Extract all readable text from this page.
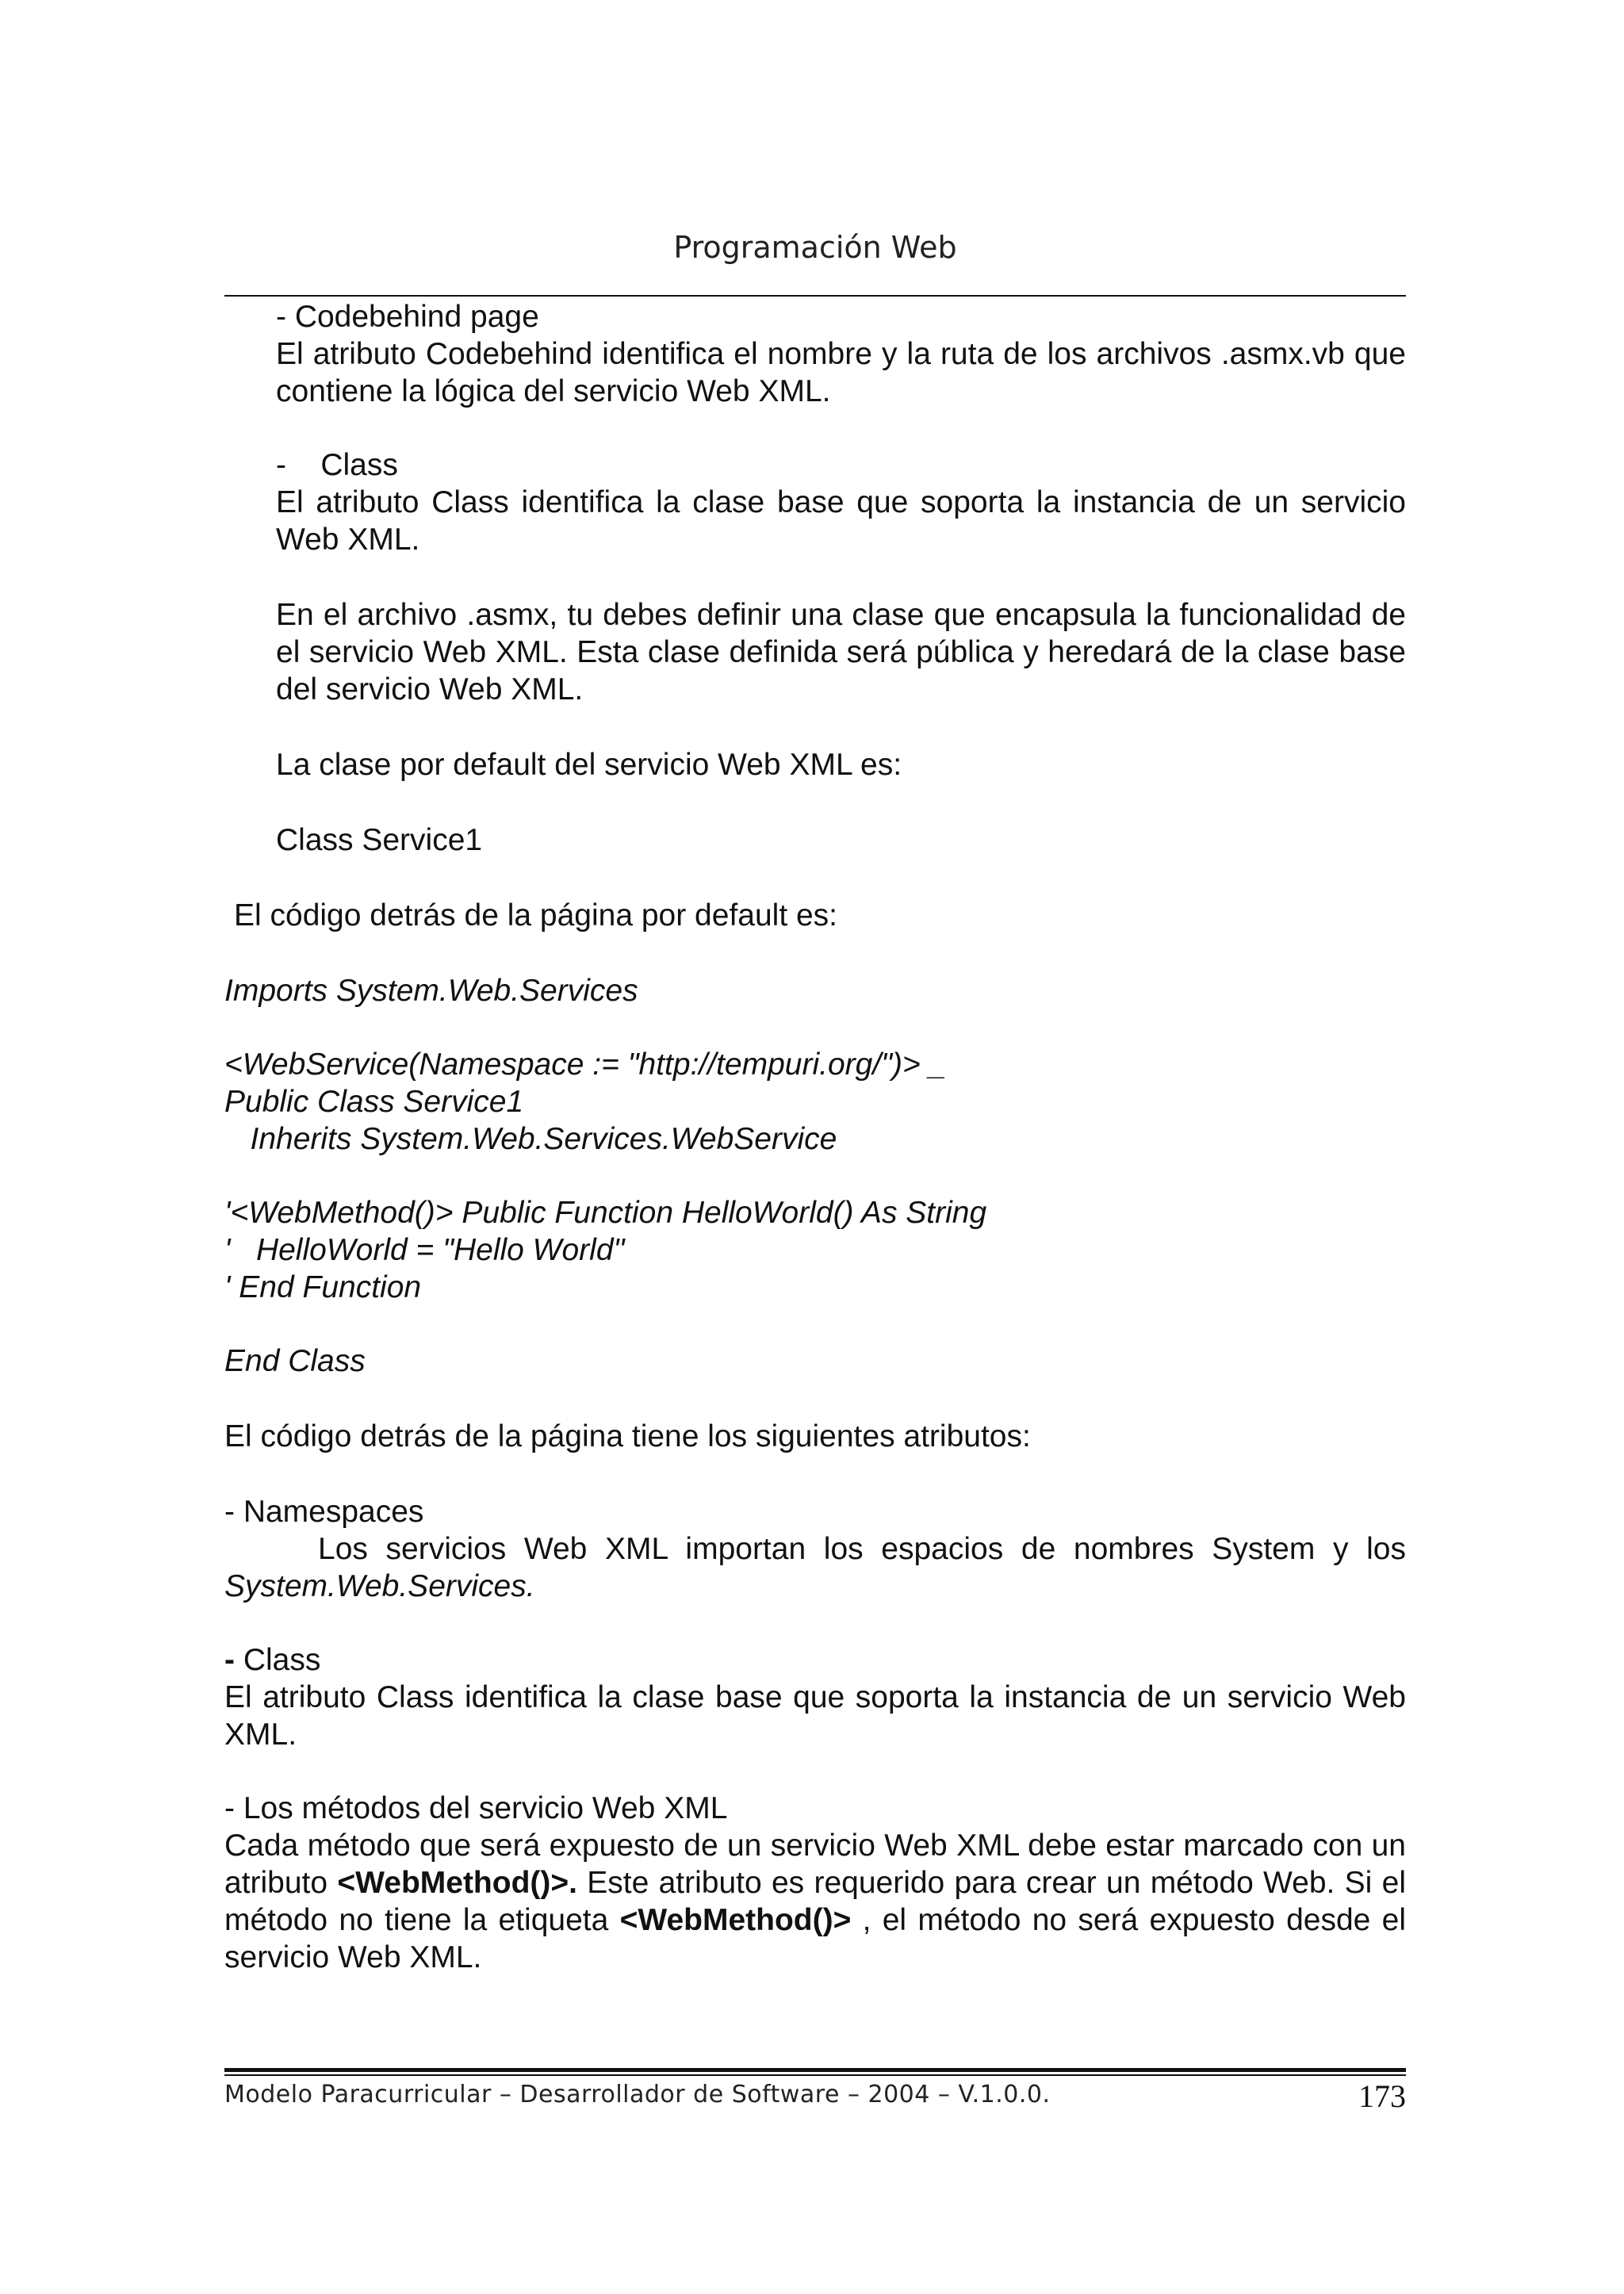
Programación Web

- Codebehind page

El atributo Codebehind identifica el nombre y la ruta de los archivos .asmx.vb que contiene la lógica del servicio Web XML.

- Class

El atributo Class identifica la clase base que soporta la instancia de un servicio Web XML.

En el archivo .asmx, tu debes definir una clase que encapsula la funcionalidad de el servicio Web XML. Esta clase definida será pública y heredará de la clase base del servicio Web XML.

La clase por default del servicio Web XML es:

Class Service1

El código detrás de la página por default es:

Imports System.Web.Services
<WebService(Namespace := "http://tempuri.org/")> _
Public Class Service1
Inherits System.Web.Services.WebService
'<WebMethod()> Public Function HelloWorld() As String
'   HelloWorld = "Hello World"
' End Function
End Class

El código detrás de la página tiene los siguientes atributos:

- Namespaces

Los servicios Web XML importan los espacios de nombres System y los

System.Web.Services.

- Class

El atributo Class identifica la clase base que soporta la instancia de un servicio Web XML.

- Los métodos del servicio Web XML

Cada método que será expuesto de un servicio Web XML debe estar marcado con un atributo <WebMethod()>. Este atributo es requerido para crear un método Web. Si el método no tiene la etiqueta <WebMethod()> , el método no será expuesto desde el servicio Web XML.

Modelo Paracurricular – Desarrollador de Software – 2004 – V.1.0.0.	173
